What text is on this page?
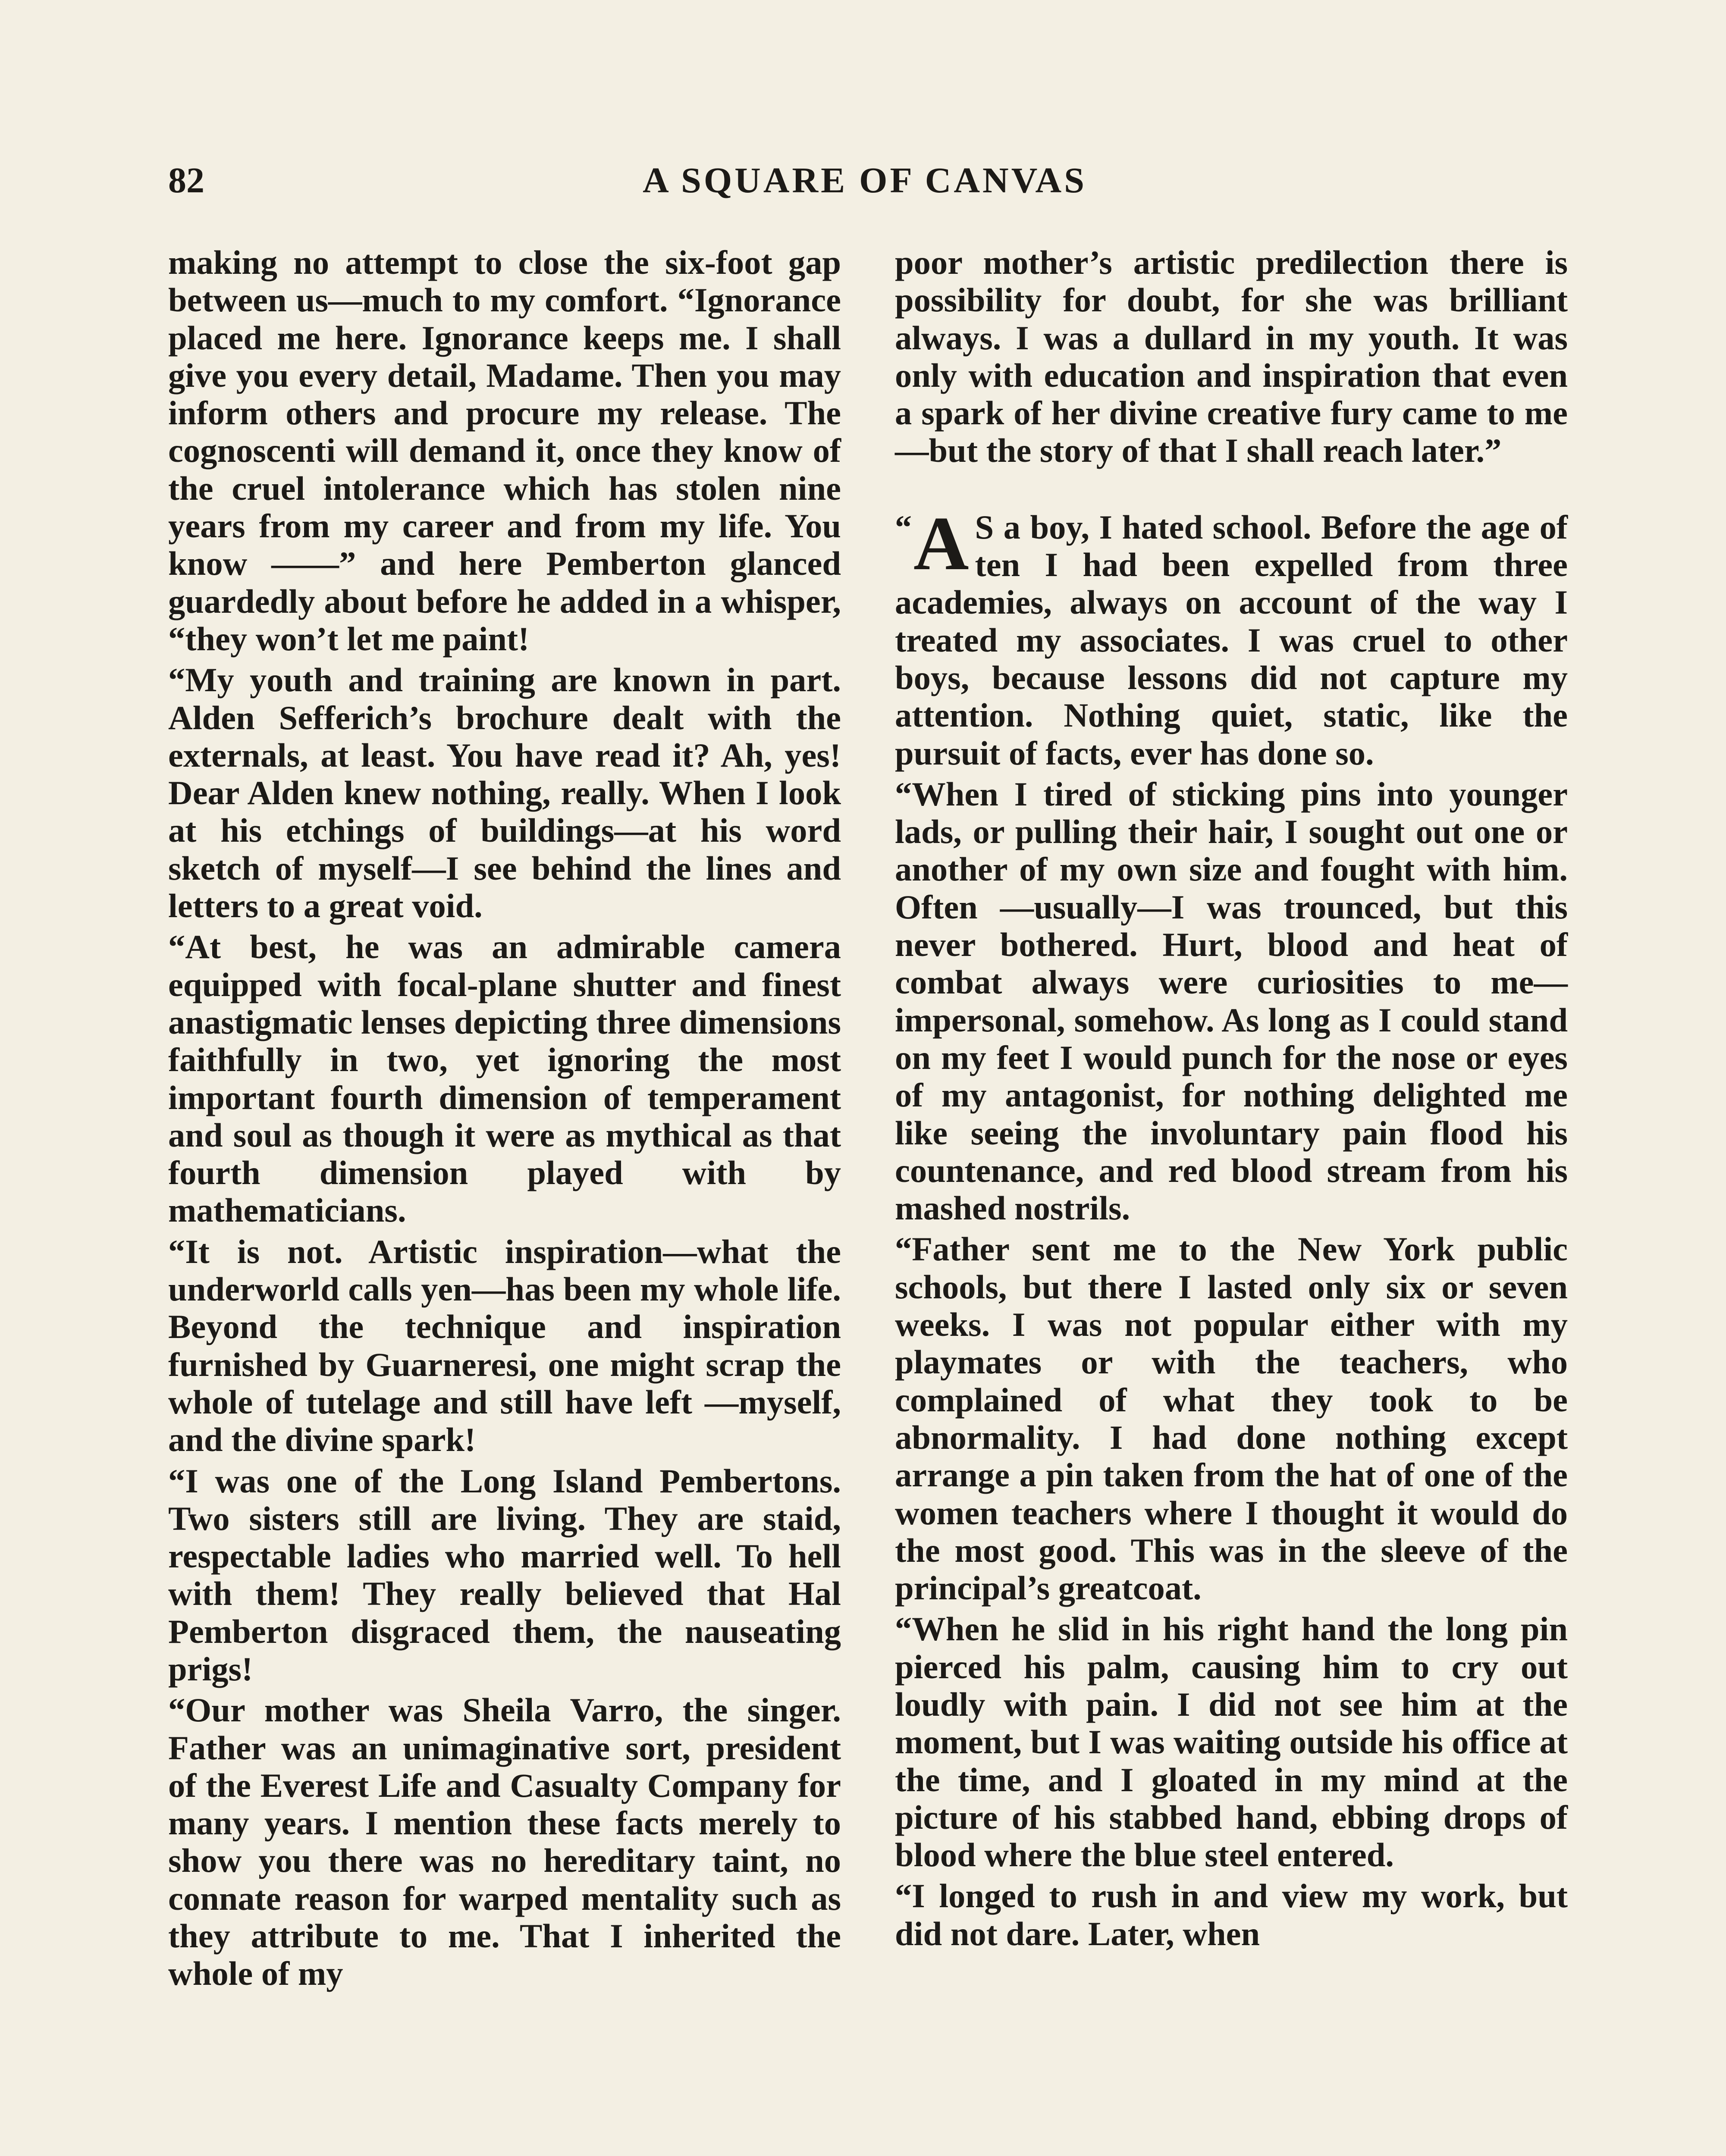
82	A SQUARE OF CANVAS

making no attempt to close the six-foot gap between us—much to my comfort. “Ignorance placed me here. Ignorance keeps me. I shall give you every detail, Madame. Then you may inform others and procure my release. The cognoscenti will demand it, once they know of the cruel intolerance which has stolen nine years from my career and from my life. You know ——” and here Pemberton glanced guardedly about before he added in a whisper, “they won’t let me paint!

“My youth and training are known in part. Alden Sefferich’s brochure dealt with the externals, at least. You have read it? Ah, yes! Dear Alden knew nothing, really. When I look at his etchings of buildings—at his word sketch of myself—I see behind the lines and letters to a great void.

“At best, he was an admirable camera equipped with focal-plane shutter and finest anastigmatic lenses depicting three dimensions faithfully in two, yet ignoring the most important fourth dimension of temperament and soul as though it were as mythical as that fourth dimension played with by mathematicians.

“It is not. Artistic inspiration—what the underworld calls yen—has been my whole life. Beyond the technique and inspiration furnished by Guarneresi, one might scrap the whole of tutelage and still have left —myself, and the divine spark!

“I was one of the Long Island Pembertons. Two sisters still are living. They are staid, respectable ladies who married well. To hell with them! They really believed that Hal Pemberton disgraced them, the nauseating prigs!

“Our mother was Sheila Varro, the singer. Father was an unimaginative sort, president of the Everest Life and Casualty Company for many years. I mention these facts merely to show you there was no hereditary taint, no connate reason for warped mentality such as they attribute to me. That I inherited the whole of my

poor mother’s artistic predilection there is possibility for doubt, for she was brilliant always. I was a dullard in my youth. It was only with education and inspiration that even a spark of her divine creative fury came to me—but the story of that I shall reach later.”

“ A S a boy, I hated school. Before the age of ten I had been expelled from three academies, always on account of the way I treated my associates. I was cruel to other boys, because lessons did not capture my attention. Nothing quiet, static, like the pursuit of facts, ever has done so.

“When I tired of sticking pins into younger lads, or pulling their hair, I sought out one or another of my own size and fought with him. Often —usually—I was trounced, but this never bothered. Hurt, blood and heat of combat always were curiosities to me—impersonal, somehow. As long as I could stand on my feet I would punch for the nose or eyes of my antagonist, for nothing delighted me like seeing the involuntary pain flood his countenance, and red blood stream from his mashed nostrils.

“Father sent me to the New York public schools, but there I lasted only six or seven weeks. I was not popular either with my playmates or with the teachers, who complained of what they took to be abnormality. I had done nothing except arrange a pin taken from the hat of one of the women teachers where I thought it would do the most good. This was in the sleeve of the principal’s greatcoat.

“When he slid in his right hand the long pin pierced his palm, causing him to cry out loudly with pain. I did not see him at the moment, but I was waiting outside his office at the time, and I gloated in my mind at the picture of his stabbed hand, ebbing drops of blood where the blue steel entered.

“I longed to rush in and view my work, but did not dare. Later, when
